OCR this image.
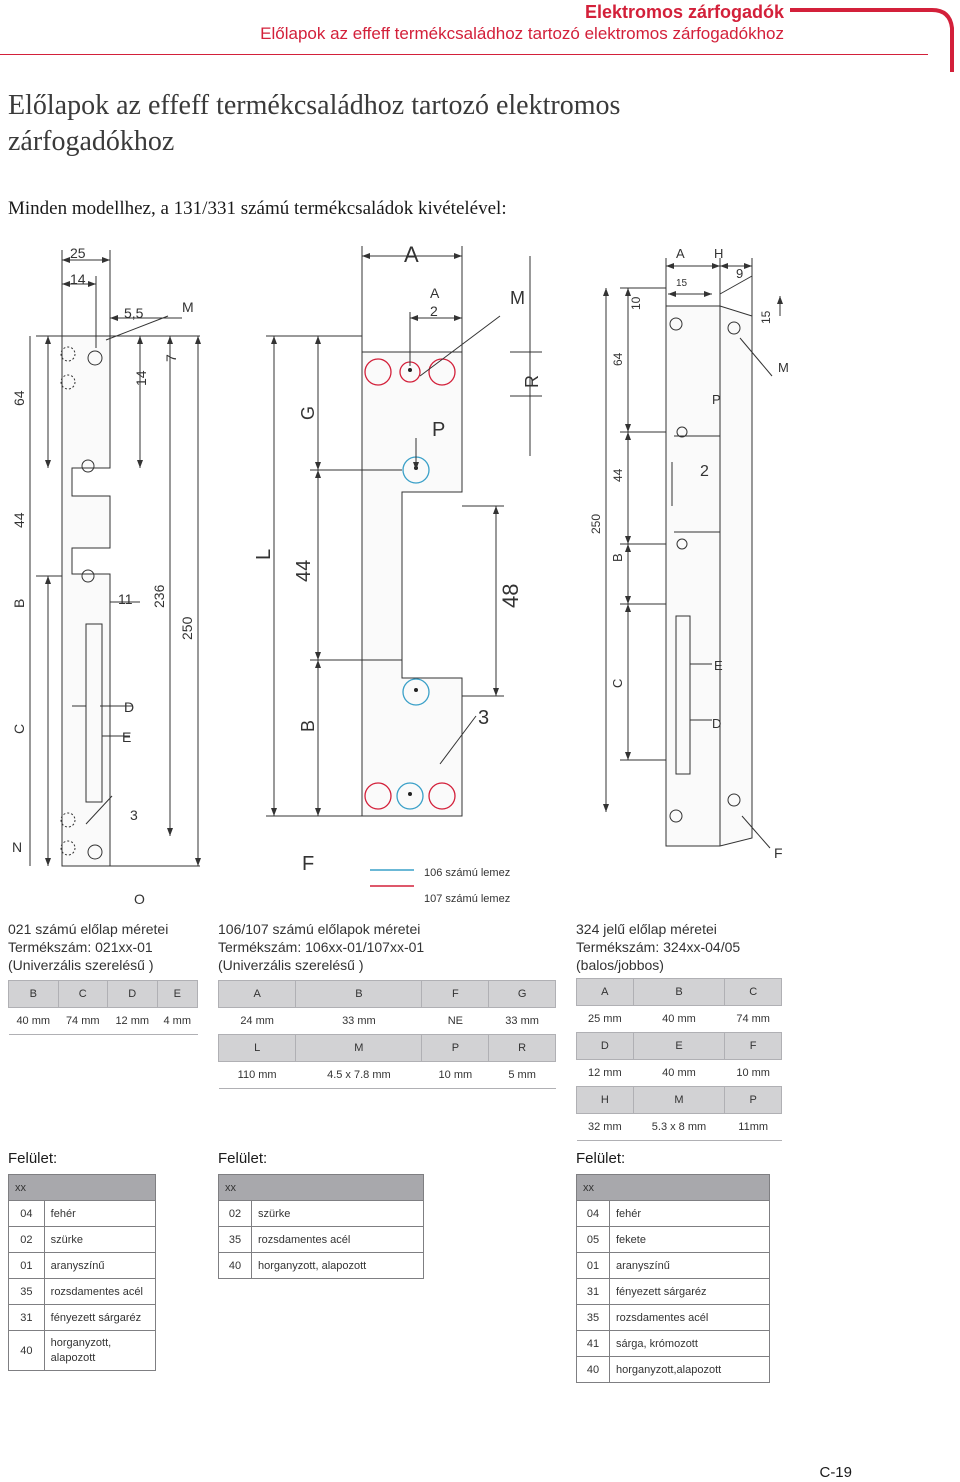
Elektromos zárfogadók
Előlapok az effeff termékcsaládhoz tartozó elektromos zárfogadókhoz
Előlapok az effeff termékcsaládhoz tartozó elektromos zárfogadókhoz
Minden modellhez, a 131/331 számú termékcsaládok kivételével:
25
14
5,5	M
14
7
64
44
B	11 236
250
C
D
E
3
N
O
A
A
2
M
R
G
P
L
44
48
3
B
F	106 számú lemez
107 számú lemez
A H
15
9
10
15
64
M
P
2
44
250
B
E
C
D
F
021 számú előlap méretei
Termékszám: 021xx-01
(Univerzális szerelésű )
B	C	D	E
40 mm	74 mm	12 mm	4 mm
Felület:
xx	
04	fehér
02	szürke
01	aranyszínű
35	rozsdamentes acél
31	fényezett sárgaréz
40	horganyzott, alapozott
106/107 számú előlapok méretei
Termékszám: 106xx-01/107xx-01
(Univerzális szerelésű )
A	B	F	G
24 mm	33 mm	NE	33 mm
L	M	P	R
110 mm	4.5 x 7.8 mm	10 mm	5 mm
Felület:
xx	
02	szürke
35	rozsdamentes acél
40	horganyzott, alapozott
324 jelű előlap méretei
Termékszám: 324xx-04/05
(balos/jobbos)
A	B	C
25 mm	40 mm	74 mm
D	E	F
12 mm	40 mm	10 mm
H	M	P
32 mm	5.3 x 8 mm	11mm
Felület:
xx	
04	fehér
05	fekete
01	aranyszínű
31	fényezett sárgaréz
35	rozsdamentes acél
41	sárga, krómozott
40	horganyzott,alapozott
C-19
